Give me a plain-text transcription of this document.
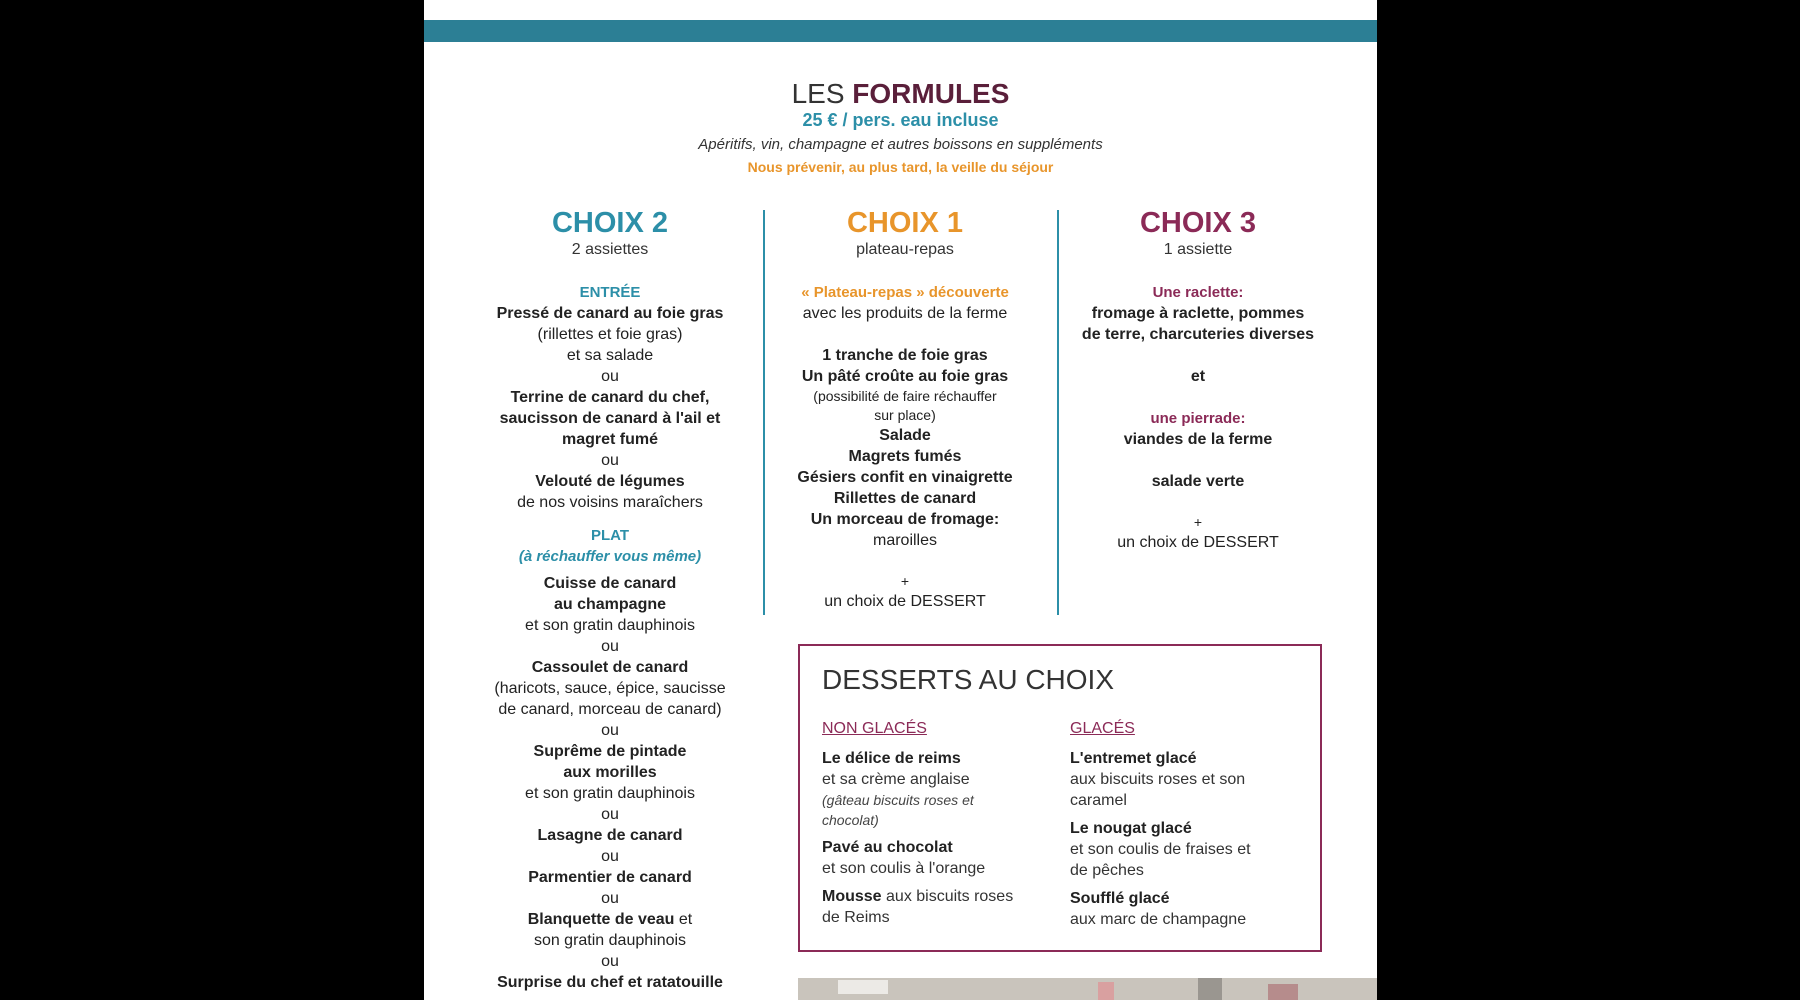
LES FORMULES
25 € / pers. eau incluse
Apéritifs, vin, champagne et autres boissons en suppléments
Nous prévenir, au plus tard, la veille du séjour
CHOIX 2
2 assiettes
ENTRÉE
Pressé de canard au foie gras
(rillettes et foie gras)
et sa salade
ou
Terrine de canard du chef,
saucisson de canard à l'ail et
magret fumé
ou
Velouté de légumes
de nos voisins maraîchers
PLAT
(à réchauffer vous même)
Cuisse de canard
au champagne
et son gratin dauphinois
ou
Cassoulet de canard
(haricots, sauce, épice, saucisse
de canard, morceau de canard)
ou
Suprême de pintade
aux morilles
et son gratin dauphinois
ou
Lasagne de canard
ou
Parmentier de canard
ou
Blanquette de veau et
son gratin dauphinois
ou
Surprise du chef et ratatouille
CHOIX 1
plateau-repas
« Plateau-repas » découverte
avec les produits de la ferme
1 tranche de foie gras
Un pâté croûte au foie gras
(possibilité de faire réchauffer
sur place)
Salade
Magrets fumés
Gésiers confit en vinaigrette
Rillettes de canard
Un morceau de fromage:
maroilles
+
un choix de DESSERT
CHOIX 3
1 assiette
Une raclette:
fromage à raclette, pommes
de terre, charcuteries diverses
et
une pierrade:
viandes de la ferme
salade verte
+
un choix de DESSERT
DESSERTS AU CHOIX
NON GLACÉS
Le délice de reims
et sa crème anglaise
(gâteau biscuits roses et
chocolat)
Pavé au chocolat
et son coulis à l'orange
Mousse aux biscuits roses
de Reims
GLACÉS
L'entremet glacé
aux biscuits roses et son
caramel
Le nougat glacé
et son coulis de fraises et
de pêches
Soufflé glacé
aux marc de champagne
